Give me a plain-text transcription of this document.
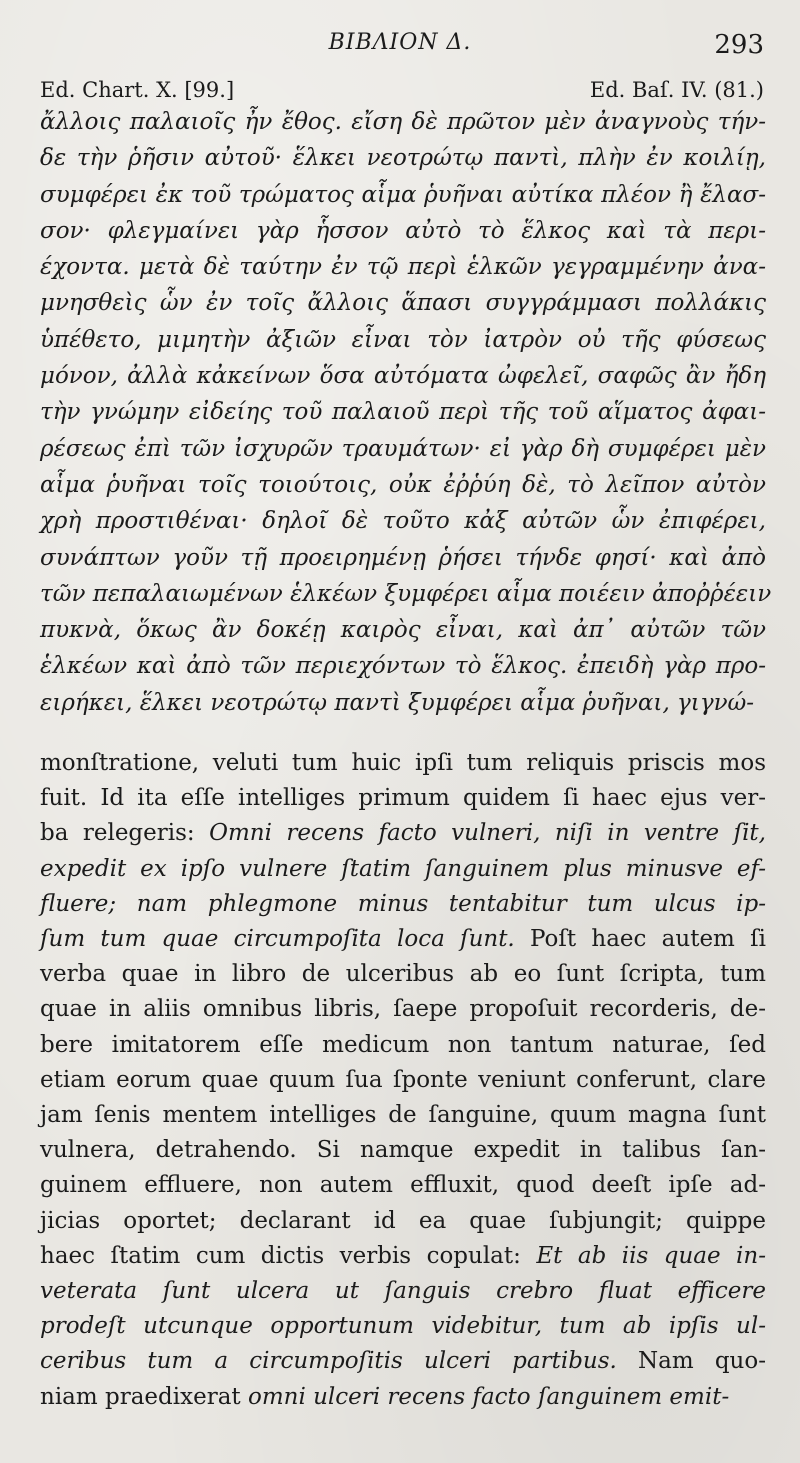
BIBΛION Δ.	293
Ed. Chart. X. [99.]	Ed. Baſ. IV. (81.)
ἄλλοις παλαιοῖς ἦν ἔθος. εἴση δὲ πρῶτον μὲν ἀναγνοὺς τήν-
δε τὴν ῥῆσιν αὐτοῦ· ἕλκει νεοτρώτῳ παντὶ, πλὴν ἐν κοιλίῃ,
συμφέρει ἐκ τοῦ τρώματος αἷμα ῥυῆναι αὐτίκα πλέον ἢ ἔλασ-
σον· φλεγμαίνει γὰρ ἧσσον αὐτὸ τὸ ἕλκος καὶ τὰ περι-
έχοντα. μετὰ δὲ ταύτην ἐν τῷ περὶ ἑλκῶν γεγραμμένην ἀνα-
μνησθεὶς ὧν ἐν τοῖς ἄλλοις ἅπασι συγγράμμασι πολλάκις
ὑπέθετο, μιμητὴν ἀξιῶν εἶναι τὸν ἰατρὸν οὐ τῆς φύσεως
μόνον, ἀλλὰ κἀκείνων ὅσα αὐτόματα ὠφελεῖ, σαφῶς ἂν ἤδη
τὴν γνώμην εἰδείης τοῦ παλαιοῦ περὶ τῆς τοῦ αἵματος ἀφαι-
ρέσεως ἐπὶ τῶν ἰσχυρῶν τραυμάτων· εἰ γὰρ δὴ συμφέρει μὲν
αἷμα ῥυῆναι τοῖς τοιούτοις, οὐκ ἐῤῥύη δὲ, τὸ λεῖπον αὐτὸν
χρὴ προστιθέναι· δηλοῖ δὲ τοῦτο κἀξ αὐτῶν ὧν ἐπιφέρει,
συνάπτων γοῦν τῇ προειρημένῃ ῥήσει τήνδε φησί· καὶ ἀπὸ
τῶν πεπαλαιωμένων ἑλκέων ξυμφέρει αἷμα ποιέειν ἀποῤῥέειν
πυκνὰ, ὅκως ἂν δοκέῃ καιρὸς εἶναι, καὶ ἀπ᾽ αὐτῶν τῶν
ἑλκέων καὶ ἀπὸ τῶν περιεχόντων τὸ ἕλκος. ἐπειδὴ γὰρ προ-
ειρήκει, ἕλκει νεοτρώτῳ παντὶ ξυμφέρει αἷμα ῥυῆναι, γιγνώ-
monſtratione, veluti tum huic ipſi tum reliquis priscis mos
fuit. Id ita eſſe intelliges primum quidem ſi haec ejus ver-
ba relegeris: Omni recens facto vulneri, niſi in ventre ſit,
expedit ex ipſo vulnere ſtatim ſanguinem plus minusve ef-
fluere; nam phlegmone minus tentabitur tum ulcus ip-
ſum tum quae circumpoſita loca ſunt. Poſt haec autem ſi
verba quae in libro de ulceribus ab eo ſunt ſcripta, tum
quae in aliis omnibus libris, ſaepe propoſuit recorderis, de-
bere imitatorem eſſe medicum non tantum naturae, ſed
etiam eorum quae quum ſua ſponte veniunt conferunt, clare
jam ſenis mentem intelliges de ſanguine, quum magna ſunt
vulnera, detrahendo. Si namque expedit in talibus ſan-
guinem effluere, non autem effluxit, quod deeſt ipſe ad-
jicias oportet; declarant id ea quae ſubjungit; quippe
haec ſtatim cum dictis verbis copulat: Et ab iis quae in-
veterata ſunt ulcera ut ſanguis crebro fluat efficere
prodeſt utcunque opportunum videbitur, tum ab ipſis ul-
ceribus tum a circumpoſitis ulceri partibus. Nam quo-
niam praedixerat omni ulceri recens facto ſanguinem emit-
